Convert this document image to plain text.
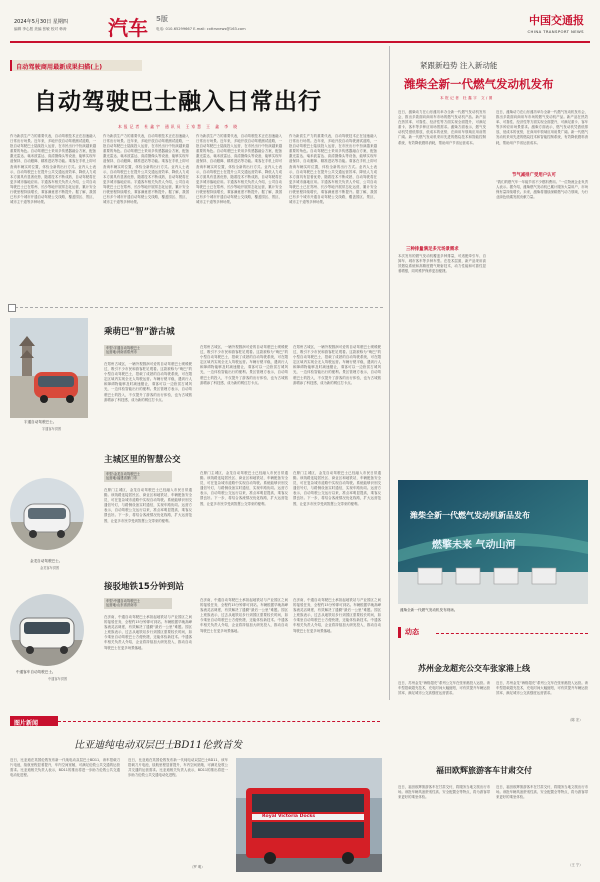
2024年5月30日 星期四
编辑 李心愿 美编 张敏 校对 韩涛 汽车 5版
电话: 010-65299667 E-mail: cxttrsnews@163.com
中国交通报
CHINA TRANSPORT NEWS
自动驾驶商用最新成果扫描(上)
自动驾驶巴士融入日常出行
本报记者 杜鑫宇 通讯员 王家慧 王 鑫 李 晓
作为新质生产力的重要代表，自动驾驶技术正在加速融入日常出行场景。近年来，多地开放自动驾驶测试道路，一批自动驾驶巴士陆续投入运营，在市民出行中扮演越来越重要的角色。自动驾驶巴士采用多传感器融合方案，配备激光雷达、毫米波雷达、高清摄像头等设备，能够实现车道保持、自动避障、精准进站等功能。乘客在手机上即可查询车辆实时位置，体验全新的出行方式。业内人士表示，自动驾驶巴士在提升公共交通运营效率、降低人力成本方面具有显著优势，随着技术不断成熟，自动驾驶将在更多城市落地应用。宇通客车相关负责人介绍，公司自动驾驶巴士已在郑州、长沙等地开展常态化运营，累计安全行驶里程持续增长，乘客满意度不断提升。据了解，我国已有多个城市开通自动驾驶公交线路，覆盖园区、景区、城市主干道等多种场景。
作为新质生产力的重要代表，自动驾驶技术正在加速融入日常出行场景。近年来，多地开放自动驾驶测试道路，一批自动驾驶巴士陆续投入运营，在市民出行中扮演越来越重要的角色。自动驾驶巴士采用多传感器融合方案，配备激光雷达、毫米波雷达、高清摄像头等设备，能够实现车道保持、自动避障、精准进站等功能。乘客在手机上即可查询车辆实时位置，体验全新的出行方式。业内人士表示，自动驾驶巴士在提升公共交通运营效率、降低人力成本方面具有显著优势，随着技术不断成熟，自动驾驶将在更多城市落地应用。宇通客车相关负责人介绍，公司自动驾驶巴士已在郑州、长沙等地开展常态化运营，累计安全行驶里程持续增长，乘客满意度不断提升。据了解，我国已有多个城市开通自动驾驶公交线路，覆盖园区、景区、城市主干道等多种场景。
作为新质生产力的重要代表，自动驾驶技术正在加速融入日常出行场景。近年来，多地开放自动驾驶测试道路，一批自动驾驶巴士陆续投入运营，在市民出行中扮演越来越重要的角色。自动驾驶巴士采用多传感器融合方案，配备激光雷达、毫米波雷达、高清摄像头等设备，能够实现车道保持、自动避障、精准进站等功能。乘客在手机上即可查询车辆实时位置，体验全新的出行方式。业内人士表示，自动驾驶巴士在提升公共交通运营效率、降低人力成本方面具有显著优势，随着技术不断成熟，自动驾驶将在更多城市落地应用。宇通客车相关负责人介绍，公司自动驾驶巴士已在郑州、长沙等地开展常态化运营，累计安全行驶里程持续增长，乘客满意度不断提升。据了解，我国已有多个城市开通自动驾驶公交线路，覆盖园区、景区、城市主干道等多种场景。
作为新质生产力的重要代表，自动驾驶技术正在加速融入日常出行场景。近年来，多地开放自动驾驶测试道路，一批自动驾驶巴士陆续投入运营，在市民出行中扮演越来越重要的角色。自动驾驶巴士采用多传感器融合方案，配备激光雷达、毫米波雷达、高清摄像头等设备，能够实现车道保持、自动避障、精准进站等功能。乘客在手机上即可查询车辆实时位置，体验全新的出行方式。业内人士表示，自动驾驶巴士在提升公共交通运营效率、降低人力成本方面具有显著优势，随着技术不断成熟，自动驾驶将在更多城市落地应用。宇通客车相关负责人介绍，公司自动驾驶巴士已在郑州、长沙等地开展常态化运营，累计安全行驶里程持续增长，乘客满意度不断提升。据了解，我国已有多个城市开通自动驾驶公交线路，覆盖园区、景区、城市主干道等多种场景。
宇通自动驾驶巴士。
宇通客车供图
乘萌巴“智”游古城
车型:宇通自动驾驶巴士
运营地:河南省郑州市
在郑州古城区，一辆外观圆润可爱的自动驾驶巴士缓缓驶过，吸引不少市民和游客驻足观看。这款被称为“萌巴”的小型自动驾驶巴士，搭载了成熟的自动驾驶系统，可在限定区域内实现全无人驾驶运营。车辆行驶平稳，遇到行人和障碍物能够及时减速避让，乘客可以一边欣赏古城风光，一边体验智能出行的便利。景区管理方表示，自动驾驶巴士的投入，不仅提升了游客的出行体验，也为古城旅游增添了科技感，成为新的网红打卡点。
在郑州古城区，一辆外观圆润可爱的自动驾驶巴士缓缓驶过，吸引不少市民和游客驻足观看。这款被称为“萌巴”的小型自动驾驶巴士，搭载了成熟的自动驾驶系统，可在限定区域内实现全无人驾驶运营。车辆行驶平稳，遇到行人和障碍物能够及时减速避让，乘客可以一边欣赏古城风光，一边体验智能出行的便利。景区管理方表示，自动驾驶巴士的投入，不仅提升了游客的出行体验，也为古城旅游增添了科技感，成为新的网红打卡点。
在郑州古城区，一辆外观圆润可爱的自动驾驶巴士缓缓驶过，吸引不少市民和游客驻足观看。这款被称为“萌巴”的小型自动驾驶巴士，搭载了成熟的自动驾驶系统，可在限定区域内实现全无人驾驶运营。车辆行驶平稳，遇到行人和障碍物能够及时减速避让，乘客可以一边欣赏古城风光，一边体验智能出行的便利。景区管理方表示，自动驾驶巴士的投入，不仅提升了游客的出行体验，也为古城旅游增添了科技感，成为新的网红打卡点。
金龙自动驾驶巴士。
金龙客车供图
主城区里的智慧公交
车型:金龙自动驾驶巴士
运营地:福建省厦门市
在厦门主城区，金龙自动驾驶巴士已经融入市民日常通勤。该线路连接居民区、商业区和地铁站，车辆配备安全员，可在复杂城市道路中实现自动驾驶。系统能够识别交通信号灯，与路侧设备实时通信，实现车路协同。运营方表示，自动驾驶公交运行以来，准点率明显提高，乘客反馈良好。下一步，将结合客流情况优化线路，扩大运营范围，让更多市民享受到智慧公交带来的便利。
在厦门主城区，金龙自动驾驶巴士已经融入市民日常通勤。该线路连接居民区、商业区和地铁站，车辆配备安全员，可在复杂城市道路中实现自动驾驶。系统能够识别交通信号灯，与路侧设备实时通信，实现车路协同。运营方表示，自动驾驶公交运行以来，准点率明显提高，乘客反馈良好。下一步，将结合客流情况优化线路，扩大运营范围，让更多市民享受到智慧公交带来的便利。
在厦门主城区，金龙自动驾驶巴士已经融入市民日常通勤。该线路连接居民区、商业区和地铁站，车辆配备安全员，可在复杂城市道路中实现自动驾驶。系统能够识别交通信号灯，与路侧设备实时通信，实现车路协同。运营方表示，自动驾驶公交运行以来，准点率明显提高，乘客反馈良好。下一步，将结合客流情况优化线路，扩大运营范围，让更多市民享受到智慧公交带来的便利。
中通客车自动驾驶巴士。
中通客车供图
接驳地铁15分钟到站
车型:中通自动驾驶巴士
运营地:山东省济南市
在济南，中通自动驾驶巴士承担起地铁站与产业园区之间的接驳任务，全程约15分钟即可到站。车辆根据早晚高峰客流灵活调度，有效解决了通勤“最后一公里”难题。园区上班族表示，过去从地铁站步行到园区需要较长时间，如今乘坐自动驾驶巴士方便快捷，还能体验新技术。中通客车相关负责人介绍，企业将持续加大研发投入，推动自动驾驶巴士在更多场景落地。
在济南，中通自动驾驶巴士承担起地铁站与产业园区之间的接驳任务，全程约15分钟即可到站。车辆根据早晚高峰客流灵活调度，有效解决了通勤“最后一公里”难题。园区上班族表示，过去从地铁站步行到园区需要较长时间，如今乘坐自动驾驶巴士方便快捷，还能体验新技术。中通客车相关负责人介绍，企业将持续加大研发投入，推动自动驾驶巴士在更多场景落地。
在济南，中通自动驾驶巴士承担起地铁站与产业园区之间的接驳任务，全程约15分钟即可到站。车辆根据早晚高峰客流灵活调度，有效解决了通勤“最后一公里”难题。园区上班族表示，过去从地铁站步行到园区需要较长时间，如今乘坐自动驾驶巴士方便快捷，还能体验新技术。中通客车相关负责人介绍，企业将持续加大研发投入，推动自动驾驶巴士在更多场景落地。
紧跟新趋势 注入新动能
潍柴全新一代燃气发动机发布
本报记者 杜鑫宇 文/图
近日，潍柴动力在山东潍坊举办全新一代燃气发动机发布会，推出多款面向商用车市场的燃气发动机产品。新产品在热效率、可靠性、经济性等方面实现全面提升，可满足重卡、客车等多种应用场景需求。潍柴方面表示，燃气发动机凭借低排放、低成本的优势，在商用车领域应用前景广阔。新一代燃气发动机采用先进的燃烧技术和智能控制系统，有效降低燃料消耗，帮助用户节省运营成本。
近日，潍柴动力在山东潍坊举办全新一代燃气发动机发布会，推出多款面向商用车市场的燃气发动机产品。新产品在热效率、可靠性、经济性等方面实现全面提升，可满足重卡、客车等多种应用场景需求。潍柴方面表示，燃气发动机凭借低排放、低成本的优势，在商用车领域应用前景广阔。新一代燃气发动机采用先进的燃烧技术和智能控制系统，有效降低燃料消耗，帮助用户节省运营成本。
节气减排广受用户认可
“我们的燃气车一年能节省不少燃料费用。”一位物流企业负责人表示。据介绍，潍柴燃气发动机已累计服务大量用户，市场保有量持续增长。未来，潍柴将继续深耕燃气动力领域，为行业绿色低碳发展贡献力量。
三种排量满足多元场景需求
本次发布的燃气发动机覆盖多种排量，可适配牵引车、自卸车、城市客车等多种车型。在技术层面，新产品采用高效燃烧系统和高精度燃气喷射技术，动力性能和可靠性显著增强，同时维护保养更加便捷。
潍柴全新一代燃气发动机新品发布
燃擎未来 气动山河
潍柴全新一代燃气发动机发布现场。
动态
苏州金龙超充公交车张家港上线
近日，苏州金龙“海格超充”系列公交车在张家港投入运营。该车型搭载超充技术，充电时间大幅缩短，可有效提升车辆运营效率，满足城市公交高强度运营需求。
近日，苏州金龙“海格超充”系列公交车在张家港投入运营。该车型搭载超充技术，充电时间大幅缩短，可有效提升车辆运营效率，满足城市公交高强度运营需求。
（陈 宏）
福田欧辉旅游客车甘肃交付
近日，福田欧辉旅游客车在甘肃交付，将服务当地文旅出行市场。该批车辆具备舒适性高、安全配置全等特点，将为游客带来更好的乘坐体验。
近日，福田欧辉旅游客车在甘肃交付，将服务当地文旅出行市场。该批车辆具备舒适性高、安全配置全等特点，将为游客带来更好的乘坐体验。
（王 宁）
图片新闻
比亚迪纯电动双层巴士BD11伦敦首发
近日，比亚迪在英国伦敦发布新一代纯电动双层巴士BD11，该车搭载刀片电池，续航里程显著提升，车内空间宽敞，可满足伦敦公共交通的运营需求。比亚迪相关负责人表示，BD11的推出将进一步助力伦敦公共交通电动化进程。
近日，比亚迪在英国伦敦发布新一代纯电动双层巴士BD11，该车搭载刀片电池，续航里程显著提升，车内空间宽敞，可满足伦敦公共交通的运营需求。比亚迪相关负责人表示，BD11的推出将进一步助力伦敦公共交通电动化进程。
（罗 明）
Royal Victoria Docks
